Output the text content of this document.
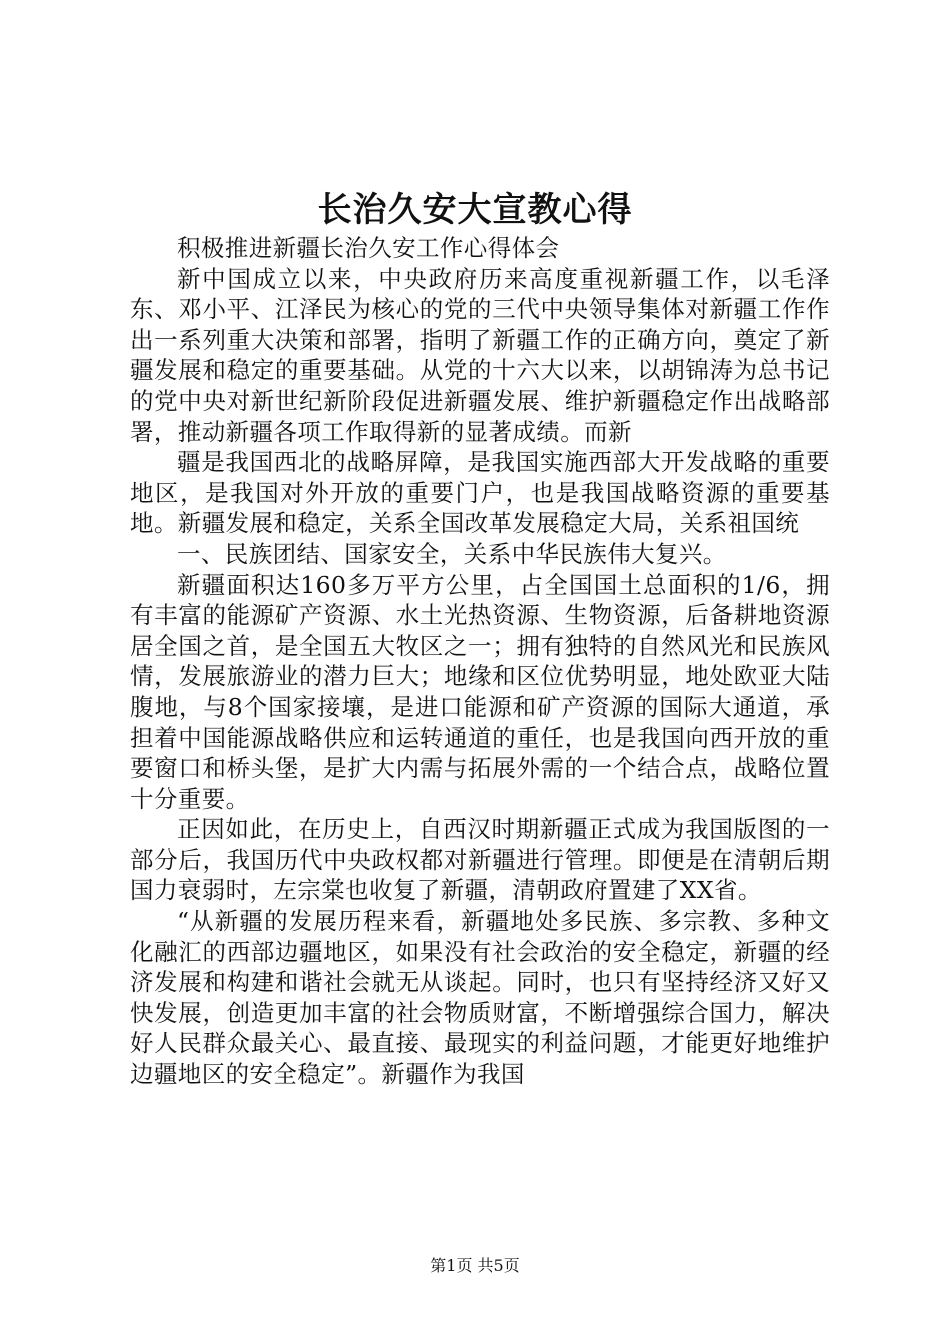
长治久安大宣教心得

积极推进新疆长治久安工作心得体会

新中国成立以来，中央政府历来高度重视新疆工作，以毛泽东、邓小平、江泽民为核心的党的三代中央领导集体对新疆工作作出一系列重大决策和部署，指明了新疆工作的正确方向，奠定了新疆发展和稳定的重要基础。从党的十六大以来，以胡锦涛为总书记的党中央对新世纪新阶段促进新疆发展、维护新疆稳定作出战略部署，推动新疆各项工作取得新的显著成绩。而新

疆是我国西北的战略屏障，是我国实施西部大开发战略的重要地区，是我国对外开放的重要门户，也是我国战略资源的重要基地。新疆发展和稳定，关系全国改革发展稳定大局，关系祖国统

一、民族团结、国家安全，关系中华民族伟大复兴。

新疆面积达160多万平方公里，占全国国土总面积的1/6，拥有丰富的能源矿产资源、水土光热资源、生物资源，后备耕地资源居全国之首，是全国五大牧区之一；拥有独特的自然风光和民族风情，发展旅游业的潜力巨大；地缘和区位优势明显，地处欧亚大陆腹地，与8个国家接壤，是进口能源和矿产资源的国际大通道，承担着中国能源战略供应和运转通道的重任，也是我国向西开放的重要窗口和桥头堡，是扩大内需与拓展外需的一个结合点，战略位置十分重要。

正因如此，在历史上，自西汉时期新疆正式成为我国版图的一部分后，我国历代中央政权都对新疆进行管理。即便是在清朝后期国力衰弱时，左宗棠也收复了新疆，清朝政府置建了XX省。

“从新疆的发展历程来看，新疆地处多民族、多宗教、多种文化融汇的西部边疆地区，如果没有社会政治的安全稳定，新疆的经济发展和构建和谐社会就无从谈起。同时，也只有坚持经济又好又快发展，创造更加丰富的社会物质财富，不断增强综合国力，解决好人民群众最关心、最直接、最现实的利益问题，才能更好地维护边疆地区的安全稳定”。新疆作为我国

第1页 共5页
